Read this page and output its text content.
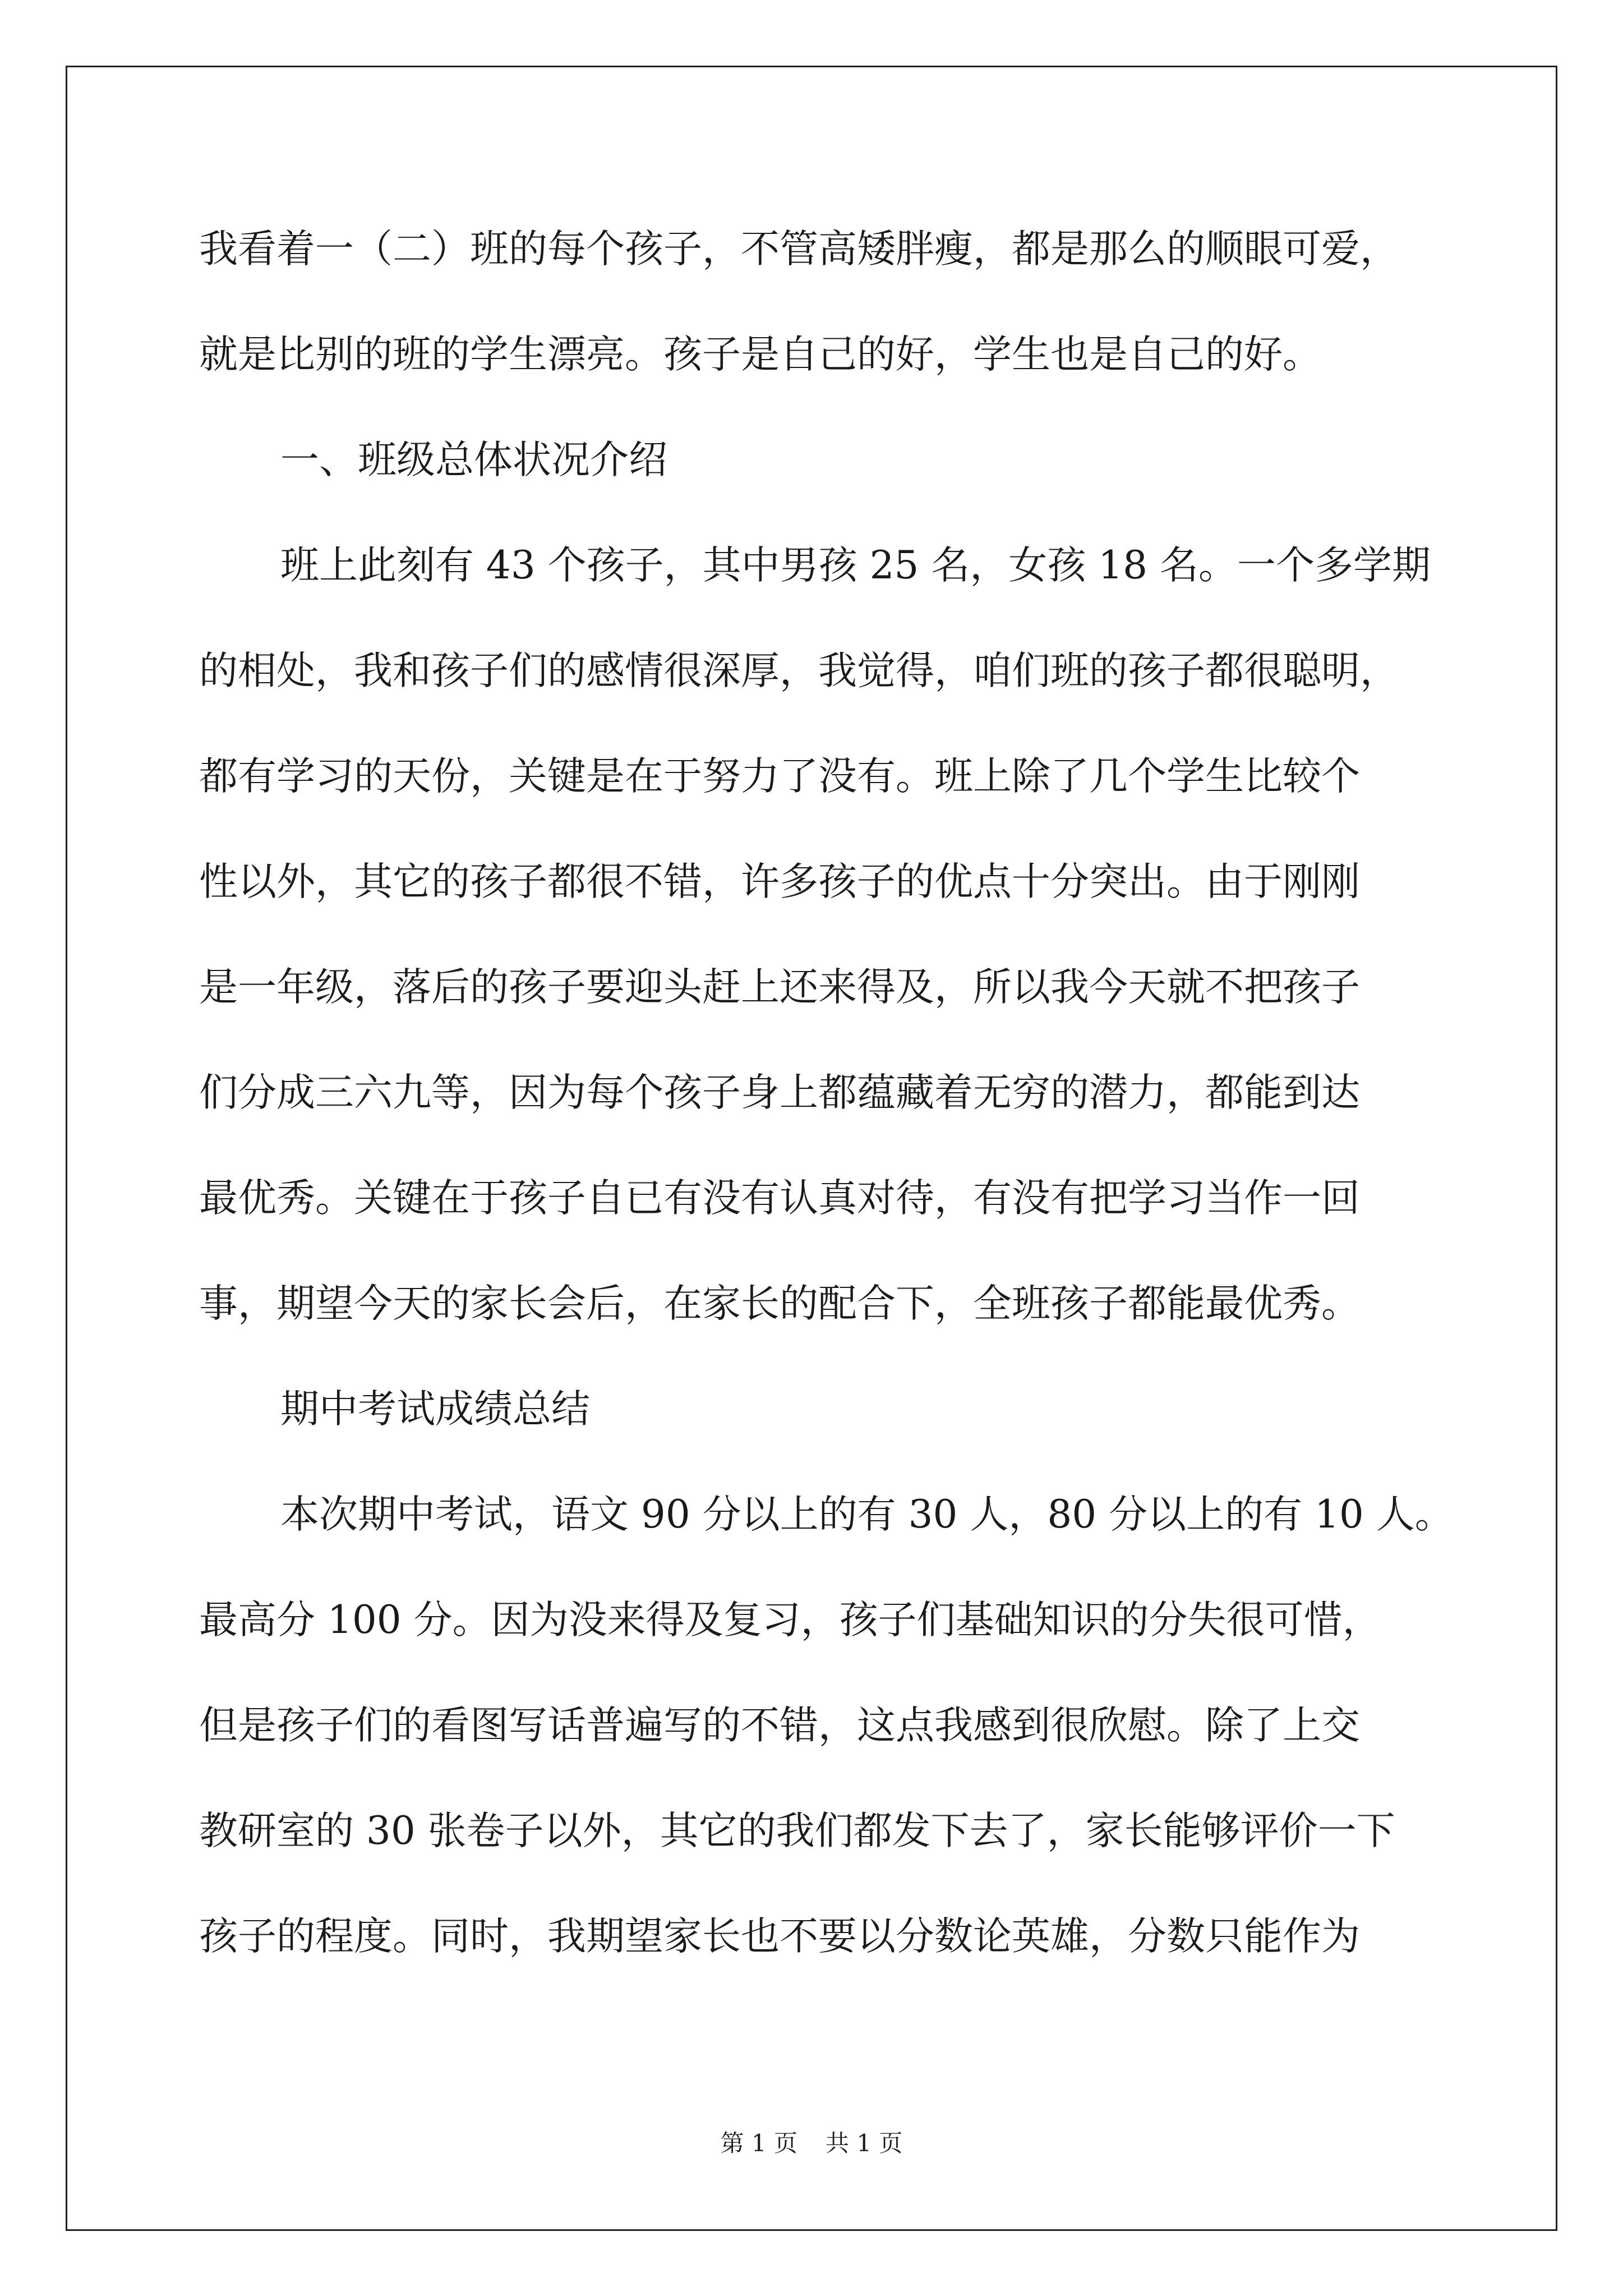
我看着一（二）班的每个孩子，不管高矮胖瘦，都是那么的顺眼可爱，
就是比别的班的学生漂亮。孩子是自己的好，学生也是自己的好。
一、班级总体状况介绍
班上此刻有 43 个孩子，其中男孩 25 名，女孩 18 名。一个多学期
的相处，我和孩子们的感情很深厚，我觉得，咱们班的孩子都很聪明，
都有学习的天份，关键是在于努力了没有。班上除了几个学生比较个
性以外，其它的孩子都很不错，许多孩子的优点十分突出。由于刚刚
是一年级，落后的孩子要迎头赶上还来得及，所以我今天就不把孩子
们分成三六九等，因为每个孩子身上都蕴藏着无穷的潜力，都能到达
最优秀。关键在于孩子自已有没有认真对待，有没有把学习当作一回
事，期望今天的家长会后，在家长的配合下，全班孩子都能最优秀。
期中考试成绩总结
本次期中考试，语文 90 分以上的有 30 人，80 分以上的有 10 人。
最高分 100 分。因为没来得及复习，孩子们基础知识的分失很可惜，
但是孩子们的看图写话普遍写的不错，这点我感到很欣慰。除了上交
教研室的 30 张卷子以外，其它的我们都发下去了，家长能够评价一下
孩子的程度。同时，我期望家长也不要以分数论英雄，分数只能作为
第 1 页 共 1 页
